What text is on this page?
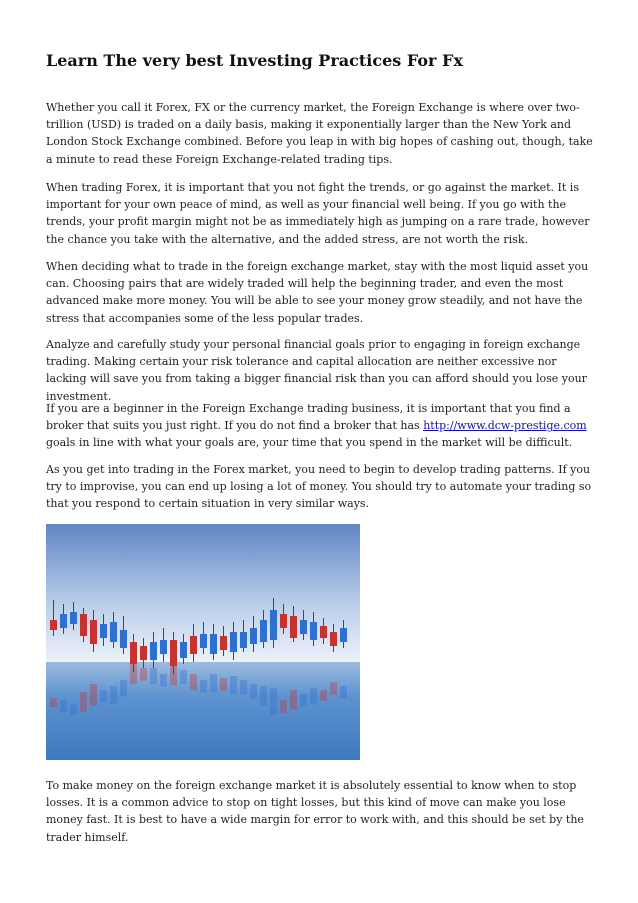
Learn The very best Investing Practices For Fx

Whether you call it Forex, FX or the currency market, the Foreign Exchange is where over two-trillion (USD) is traded on a daily basis, making it exponentially larger than the New York and London Stock Exchange combined. Before you leap in with big hopes of cashing out, though, take a minute to read these Foreign Exchange-related trading tips.

When trading Forex, it is important that you not fight the trends, or go against the market. It is important for your own peace of mind, as well as your financial well being. If you go with the trends, your profit margin might not be as immediately high as jumping on a rare trade, however the chance you take with the alternative, and the added stress, are not worth the risk.

When deciding what to trade in the foreign exchange market, stay with the most liquid asset you can. Choosing pairs that are widely traded will help the beginning trader, and even the most advanced make more money. You will be able to see your money grow steadily, and not have the stress that accompanies some of the less popular trades.

Analyze and carefully study your personal financial goals prior to engaging in foreign exchange trading. Making certain your risk tolerance and capital allocation are neither excessive nor lacking will save you from taking a bigger financial risk than you can afford should you lose your investment.

If you are a beginner in the Foreign Exchange trading business, it is important that you find a broker that suits you just right. If you do not find a broker that has http://www.dcw-prestige.com goals in line with what your goals are, your time that you spend in the market will be difficult.

As you get into trading in the Forex market, you need to begin to develop trading patterns. If you try to improvise, you can end up losing a lot of money. You should try to automate your trading so that you respond to certain situation in very similar ways.

To make money on the foreign exchange market it is absolutely essential to know when to stop losses. It is a common advice to stop on tight losses, but this kind of move can make you lose money fast. It is best to have a wide margin for error to work with, and this should be set by the trader himself.
